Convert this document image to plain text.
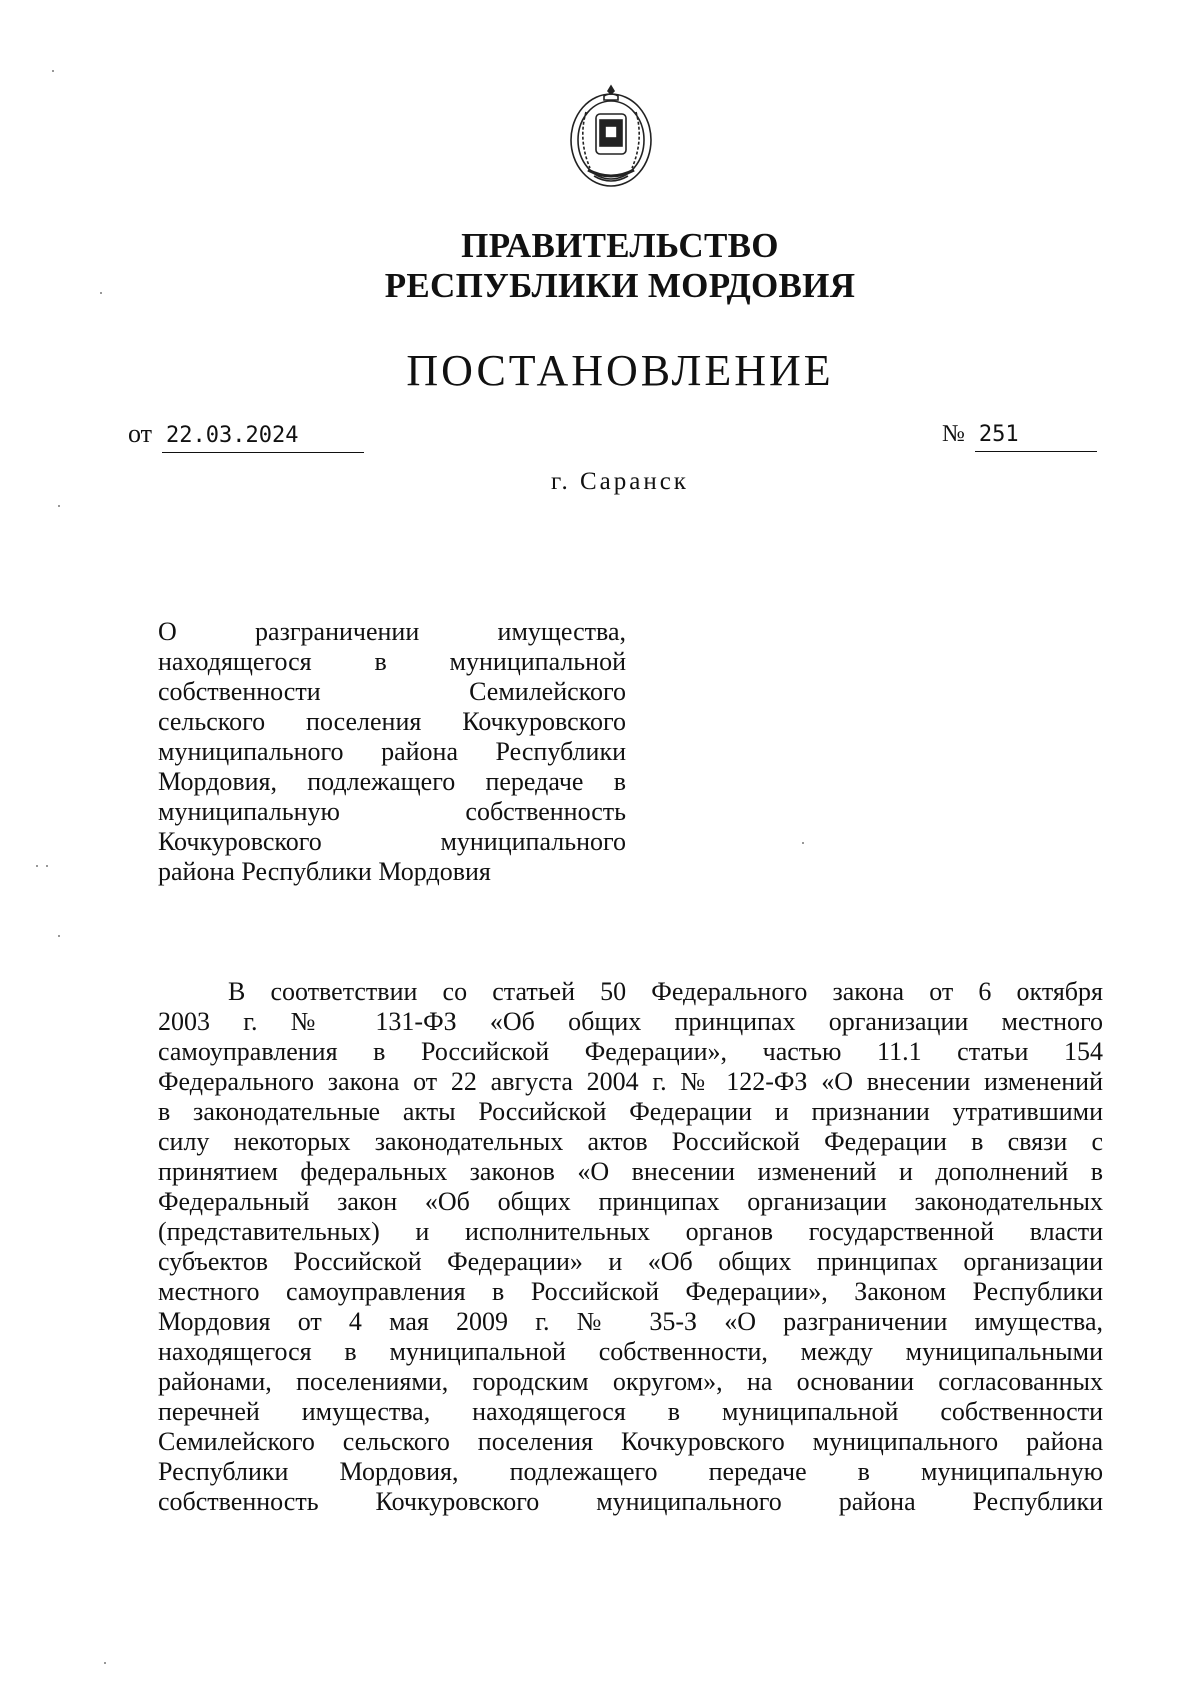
ПРАВИТЕЛЬСТВО
РЕСПУБЛИКИ МОРДОВИЯ
ПОСТАНОВЛЕНИЕ
от 22.03.2024	№ 251
г. Саранск
О разграничении имущества,
находящегося в муниципальной
собственности Семилейского
сельского поселения Кочкуровского
муниципального района Республики
Мордовия, подлежащего передаче в
муниципальную собственность
Кочкуровского муниципального
района Республики Мордовия
В соответствии со статьей 50 Федерального закона от 6 октября
2003 г. № 131-ФЗ «Об общих принципах организации местного
самоуправления в Российской Федерации», частью 11.1 статьи 154
Федерального закона от 22 августа 2004 г. № 122-ФЗ «О внесении изменений
в законодательные акты Российской Федерации и признании утратившими
силу некоторых законодательных актов Российской Федерации в связи с
принятием федеральных законов «О внесении изменений и дополнений в
Федеральный закон «Об общих принципах организации законодательных
(представительных) и исполнительных органов государственной власти
субъектов Российской Федерации» и «Об общих принципах организации
местного самоуправления в Российской Федерации», Законом Республики
Мордовия от 4 мая 2009 г. № 35-З «О разграничении имущества,
находящегося в муниципальной собственности, между муниципальными
районами, поселениями, городским округом», на основании согласованных
перечней имущества, находящегося в муниципальной собственности
Семилейского сельского поселения Кочкуровского муниципального района
Республики Мордовия, подлежащего передаче в муниципальную
собственность Кочкуровского муниципального района Республики
